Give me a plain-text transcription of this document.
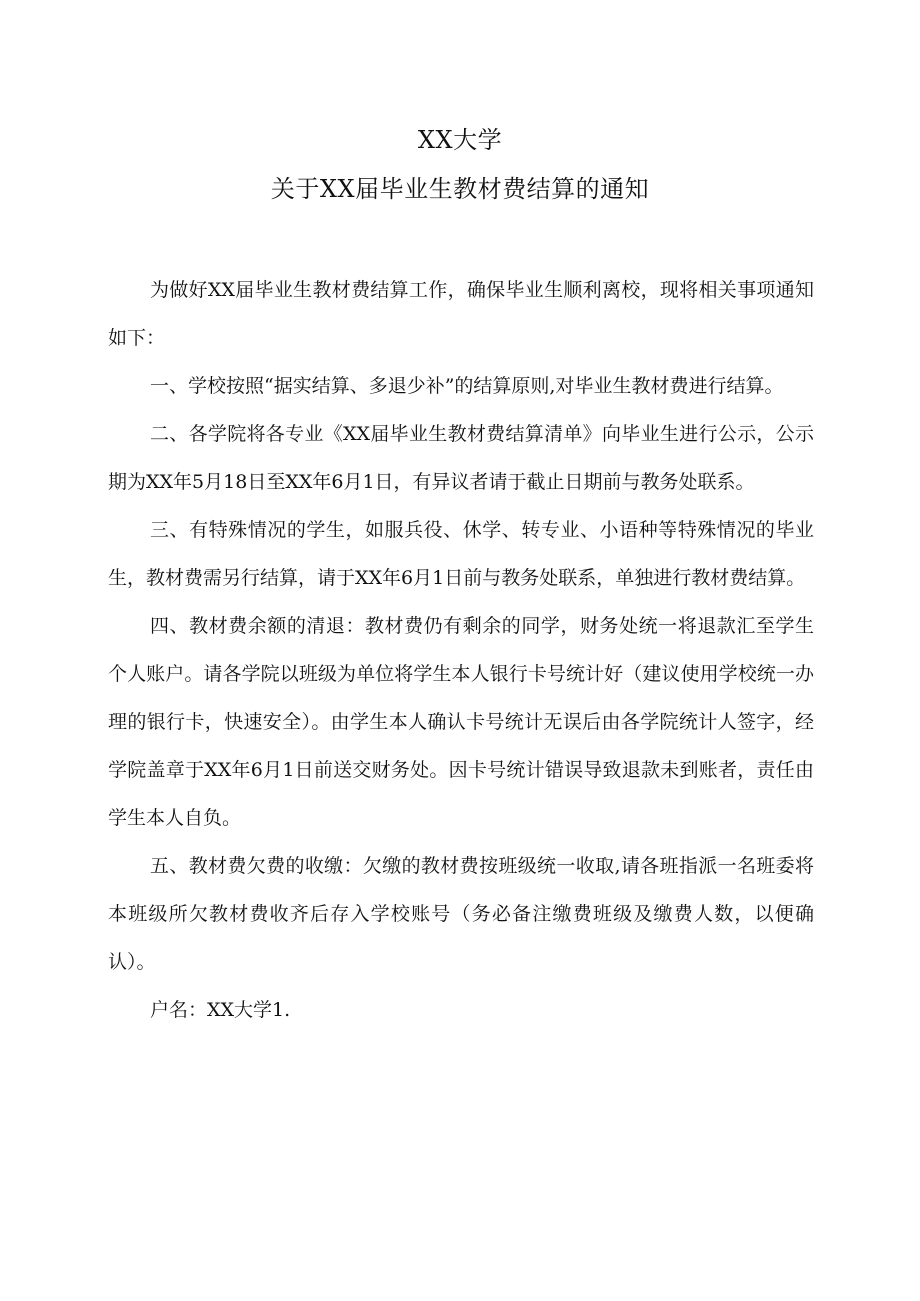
XX大学
关于XX届毕业生教材费结算的通知

为做好XX届毕业生教材费结算工作，确保毕业生顺利离校，现将相关事项通知如下：

一、学校按照“据实结算、多退少补”的结算原则,对毕业生教材费进行结算。

二、各学院将各专业《XX届毕业生教材费结算清单》向毕业生进行公示，公示期为XX年5月18日至XX年6月1日，有异议者请于截止日期前与教务处联系。

三、有特殊情况的学生，如服兵役、休学、转专业、小语种等特殊情况的毕业生，教材费需另行结算，请于XX年6月1日前与教务处联系，单独进行教材费结算。

四、教材费余额的清退：教材费仍有剩余的同学，财务处统一将退款汇至学生个人账户。请各学院以班级为单位将学生本人银行卡号统计好（建议使用学校统一办理的银行卡，快速安全）。由学生本人确认卡号统计无误后由各学院统计人签字，经学院盖章于XX年6月1日前送交财务处。因卡号统计错误导致退款未到账者，责任由学生本人自负。

五、教材费欠费的收缴：欠缴的教材费按班级统一收取,请各班指派一名班委将本班级所欠教材费收齐后存入学校账号（务必备注缴费班级及缴费人数，以便确认）。

户名：XX大学1.
